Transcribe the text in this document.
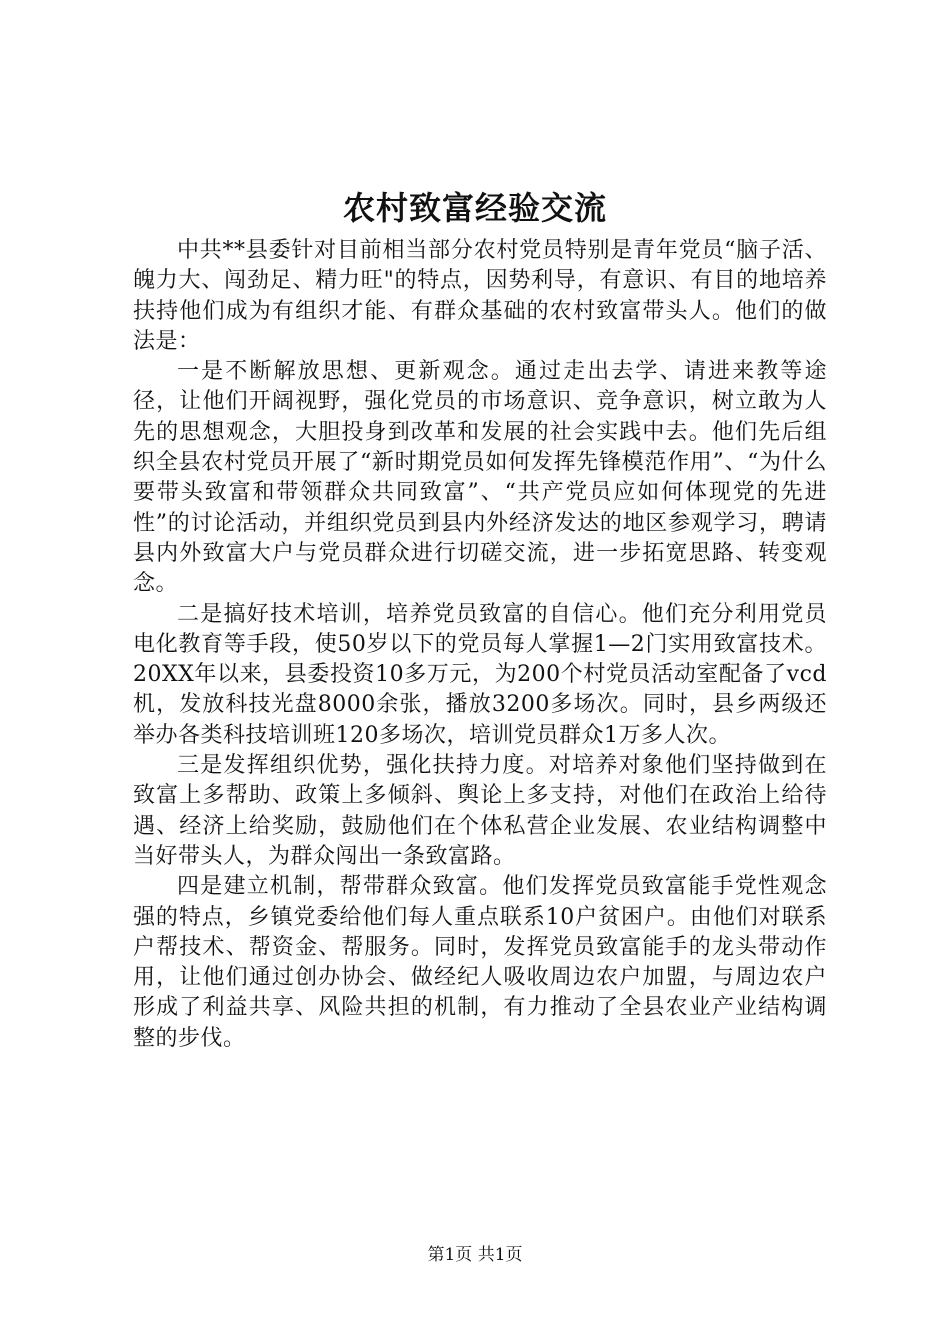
农村致富经验交流

中共**县委针对目前相当部分农村党员特别是青年党员“脑子活、魄力大、闯劲足、精力旺"的特点，因势利导，有意识、有目的地培养扶持他们成为有组织才能、有群众基础的农村致富带头人。他们的做法是：

一是不断解放思想、更新观念。通过走出去学、请进来教等途径，让他们开阔视野，强化党员的市场意识、竞争意识，树立敢为人先的思想观念，大胆投身到改革和发展的社会实践中去。他们先后组织全县农村党员开展了“新时期党员如何发挥先锋模范作用”、“为什么要带头致富和带领群众共同致富”、“共产党员应如何体现党的先进性”的讨论活动，并组织党员到县内外经济发达的地区参观学习，聘请县内外致富大户与党员群众进行切磋交流，进一步拓宽思路、转变观念。

二是搞好技术培训，培养党员致富的自信心。他们充分利用党员电化教育等手段，使50岁以下的党员每人掌握1—2门实用致富技术。20XX年以来，县委投资10多万元，为200个村党员活动室配备了vcd机，发放科技光盘8000余张，播放3200多场次。同时，县乡两级还举办各类科技培训班120多场次，培训党员群众1万多人次。

三是发挥组织优势，强化扶持力度。对培养对象他们坚持做到在致富上多帮助、政策上多倾斜、舆论上多支持，对他们在政治上给待遇、经济上给奖励，鼓励他们在个体私营企业发展、农业结构调整中当好带头人，为群众闯出一条致富路。

四是建立机制，帮带群众致富。他们发挥党员致富能手党性观念强的特点，乡镇党委给他们每人重点联系10户贫困户。由他们对联系户帮技术、帮资金、帮服务。同时，发挥党员致富能手的龙头带动作用，让他们通过创办协会、做经纪人吸收周边农户加盟，与周边农户形成了利益共享、风险共担的机制，有力推动了全县农业产业结构调整的步伐。

第1页 共1页
